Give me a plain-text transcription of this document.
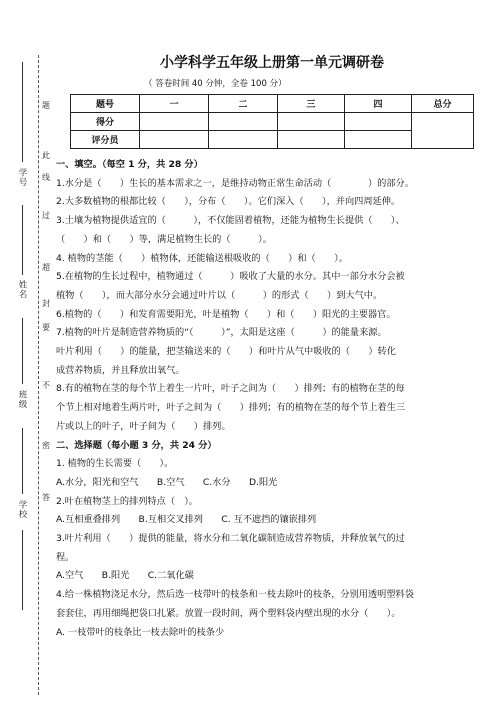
学号
姓名
班级
学校
题
此
线
过
超
要
不
封
密
答
小学科学五年级上册第一单元调研卷
（ 答卷时间 40 分钟，全卷 100 分）
题号	一	二	三	四	总分
得分					
评分员					
一、填空。（每空 1 分，共 28 分）
1.水分是（　　）生长的基本需求之一，是维持动物正常生命活动（　　　　）的部分。
2.大多数植物的根都比较（　　），分布（　　）。它们深入（　　），并向四周延伸。
3.土壤为植物提供适宜的（　　　），不仅能固着植物，还能为植物生长提供（　　）、
（　　）和（　　）等，满足植物生长的（　　　）。
4. 植物的茎能（　　）植物体，还能输送根吸收的（　　）和（　　）。
5.在植物的生长过程中，植物通过（　　　）吸收了大量的水分。其中一部分水分会被
植物（　　），而大部分水分会通过叶片以（　　　）的形式（　　）到大气中。
6.植物的（　　）和发育需要阳光，叶是植物（　　）和（　　）阳光的主要器官。
7.植物的叶片是制造营养物质的“（　　　）”，太阳是这座（　　　）的能量来源。
叶片利用（　　）的能量，把茎输送来的（　　）和叶片从气中吸收的（　　）转化
成营养物质，并且释放出氧气。
8.有的植物在茎的每个节上着生一片叶，叶子之间为（　　）排列；有的植物在茎的每
个节上相对地着生两片叶，叶子之间为（　　）排列；有的植物在茎的每个节上着生三
片或以上的叶子，叶子间为（　　）排列。
二、选择题（每小题 3 分，共 24 分）
1. 植物的生长需要（　　）。
A.水分，阳光和空气　　B.空气　　C.水分　　D.阳光
2.叶在植物茎上的排列特点（　）。
A.互相重叠排列　　B.互相交叉排列　　C. 互不遮挡的镶嵌排列
3.叶片利用（　　）提供的能量，将水分和二氧化碳制造成营养物质，并释放氧气的过
程。
A.空气　　B.阳光　　C.二氧化碳
4.给一株植物浇足水分，然后选一枝带叶的枝条和一枝去除叶的枝条，分别用透明塑料袋
套套住，再用细绳把袋口扎紧。放置一段时间，两个塑料袋内壁出现的水分（　　）。
A. 一枝带叶的枝条比一枝去除叶的枝条少
